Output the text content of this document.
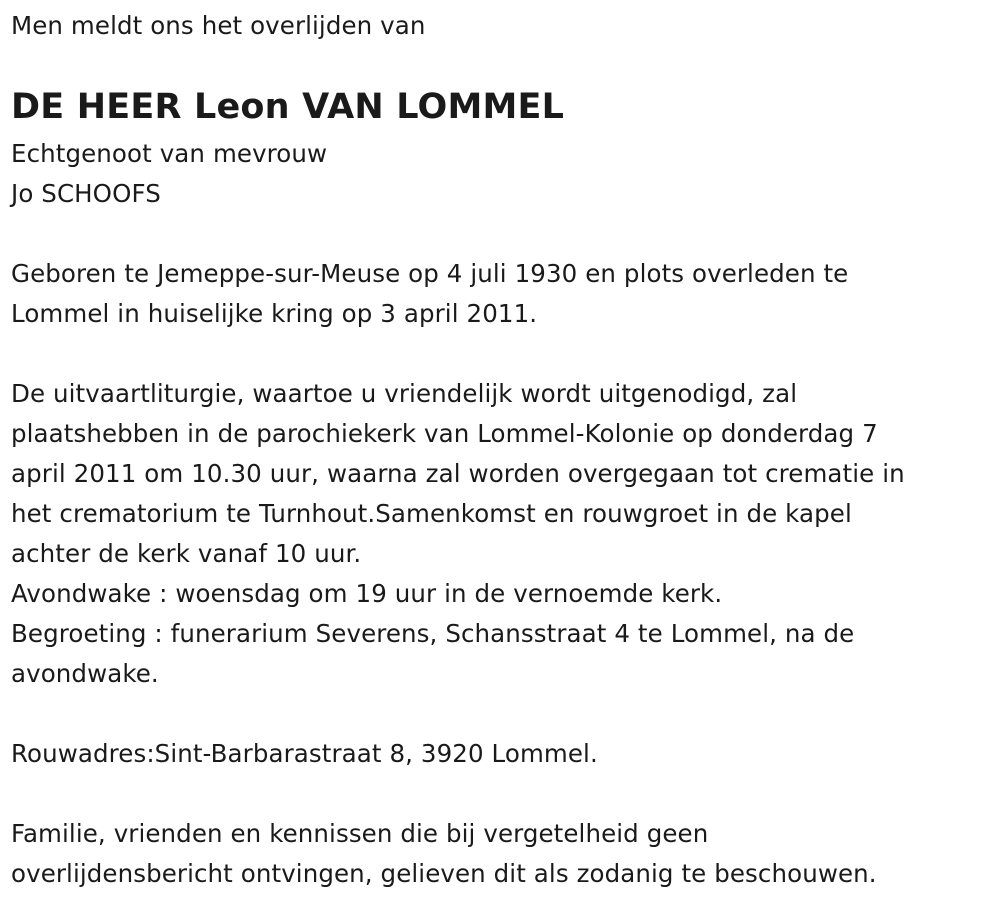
Men meldt ons het overlijden van
DE HEER Leon VAN LOMMEL
Echtgenoot van mevrouw
Jo SCHOOFS
Geboren te Jemeppe-sur-Meuse op 4 juli 1930 en plots overleden te
Lommel in huiselijke kring op 3 april 2011.
De uitvaartliturgie, waartoe u vriendelijk wordt uitgenodigd, zal
plaatshebben in de parochiekerk van Lommel-Kolonie op donderdag 7
april 2011 om 10.30 uur, waarna zal worden overgegaan tot crematie in
het crematorium te Turnhout.Samenkomst en rouwgroet in de kapel
achter de kerk vanaf 10 uur.
Avondwake : woensdag om 19 uur in de vernoemde kerk.
Begroeting : funerarium Severens, Schansstraat 4 te Lommel, na de
avondwake.
Rouwadres:Sint-Barbarastraat 8, 3920 Lommel.
Familie, vrienden en kennissen die bij vergetelheid geen
overlijdensbericht ontvingen, gelieven dit als zodanig te beschouwen.
